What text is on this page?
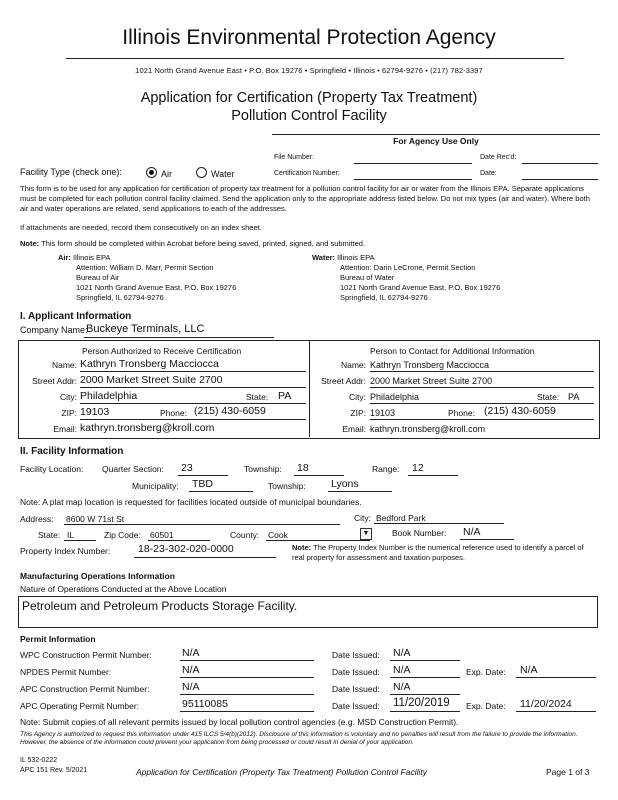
Illinois Environmental Protection Agency
1021 North Grand Avenue East • P.O. Box 19276 • Springfield • Illinois • 62794-9276 • (217) 782-3397
Application for Certification (Property Tax Treatment)
Pollution Control Facility
For Agency Use Only
File Number:	Date Rec'd:
Certification Number:	Date:
Facility Type (check one):	Air	Water
This form is to be used for any application for certification of property tax treatment for a pollution control facility for air or water from the Illinois EPA. Separate applications must be completed for each pollution control facility claimed. Send the application only to the appropriate address listed below. Do not mix types (air and water). Where both air and water operations are related, send applications to each of the addresses.
If attachments are needed, record them consecutively on an index sheet.
Note: This form should be completed within Acrobat before being saved, printed, signed, and submitted.
Air: Illinois EPA
Attention: William D. Marr, Permit Section
Bureau of Air
1021 North Grand Avenue East, P.O. Box 19276
Springfield, IL 62794-9276
Water: Illinois EPA
Attention: Darin LeCrone, Permit Section
Bureau of Water
1021 North Grand Avenue East, P.O. Box 19276
Springfield, IL 62794-9276
I. Applicant Information
Company Name:
Buckeye Terminals, LLC
Person Authorized to Receive Certification
Name: Kathryn Tronsberg Macciocca
Street Addr: 2000 Market Street Suite 2700
City: Philadelphia	State: PA
ZIP: 19103	Phone: (215) 430-6059
Email: kathryn.tronsberg@kroll.com
Person to Contact for Additional Information
Name: Kathryn Tronsberg Macciocca
Street Addr: 2000 Market Street Suite 2700
City: Philadelphia	State: PA
ZIP: 19103	Phone: (215) 430-6059
Email: kathryn.tronsberg@kroll.com
II. Facility Information
Facility Location: Quarter Section: 23	Township: 18	Range: 12
Municipality: TBD	Township: Lyons
Note: A plat map location is requested for facilities located outside of municipal boundaries.
Address: 8600 W 71st St	City: Bedford Park
State: IL	Zip Code: 60501	County: Cook	▼	Book Number: N/A
Property Index Number:	18-23-302-020-0000	Note: The Property Index Number is the numerical reference used to identify a parcel of real property for assessment and taxation purposes.
Manufacturing Operations Information
Nature of Operations Conducted at the Above Location
Petroleum and Petroleum Products Storage Facility.
Permit Information
WPC Construction Permit Number:	N/A	Date Issued: N/A
NPDES Permit Number:	N/A	Date Issued: N/A	Exp. Date: N/A
APC Construction Permit Number:	N/A	Date Issued: N/A
APC Operating Permit Number:	95110085	Date Issued: 11/20/2019 Exp. Date: 11/20/2024
Note: Submit copies of all relevant permits issued by local pollution control agencies (e.g. MSD Construction Permit).
This Agency is authorized to request this information under 415 ILCS 5/4(b)(2012). Disclosure of this information is voluntary and no penalties will result from the failure to provide the information. However, the absence of the information could prevent your application from being processed or could result in denial of your application.
IL 532-0222
APC 151 Rev. 5/2021	Application for Certification (Property Tax Treatment) Pollution Control Facility	Page 1 of 3
